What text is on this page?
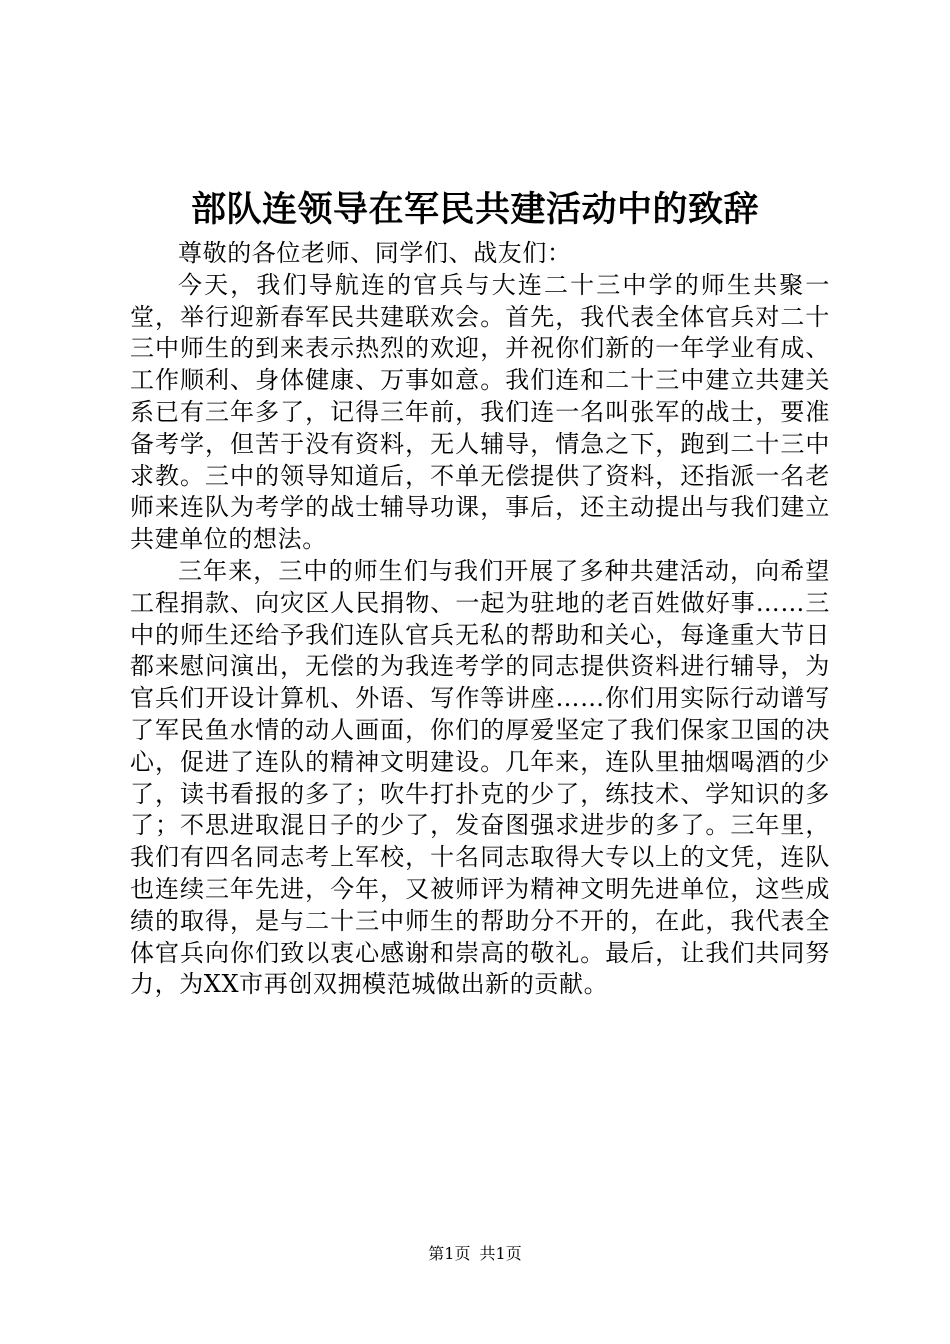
部队连领导在军民共建活动中的致辞

尊敬的各位老师、同学们、战友们：

今天，我们导航连的官兵与大连二十三中学的师生共聚一堂，举行迎新春军民共建联欢会。首先，我代表全体官兵对二十三中师生的到来表示热烈的欢迎，并祝你们新的一年学业有成、工作顺利、身体健康、万事如意。我们连和二十三中建立共建关系已有三年多了，记得三年前，我们连一名叫张军的战士，要准备考学，但苦于没有资料，无人辅导，情急之下，跑到二十三中求教。三中的领导知道后，不单无偿提供了资料，还指派一名老师来连队为考学的战士辅导功课，事后，还主动提出与我们建立共建单位的想法。

三年来，三中的师生们与我们开展了多种共建活动，向希望工程捐款、向灾区人民捐物、一起为驻地的老百姓做好事……三中的师生还给予我们连队官兵无私的帮助和关心，每逢重大节日都来慰问演出，无偿的为我连考学的同志提供资料进行辅导，为官兵们开设计算机、外语、写作等讲座……你们用实际行动谱写了军民鱼水情的动人画面，你们的厚爱坚定了我们保家卫国的决心，促进了连队的精神文明建设。几年来，连队里抽烟喝酒的少了，读书看报的多了；吹牛打扑克的少了，练技术、学知识的多了；不思进取混日子的少了，发奋图强求进步的多了。三年里，我们有四名同志考上军校，十名同志取得大专以上的文凭，连队也连续三年先进，今年，又被师评为精神文明先进单位，这些成绩的取得，是与二十三中师生的帮助分不开的，在此，我代表全体官兵向你们致以衷心感谢和崇高的敬礼。最后，让我们共同努力，为XX市再创双拥模范城做出新的贡献。

第1页 共1页
